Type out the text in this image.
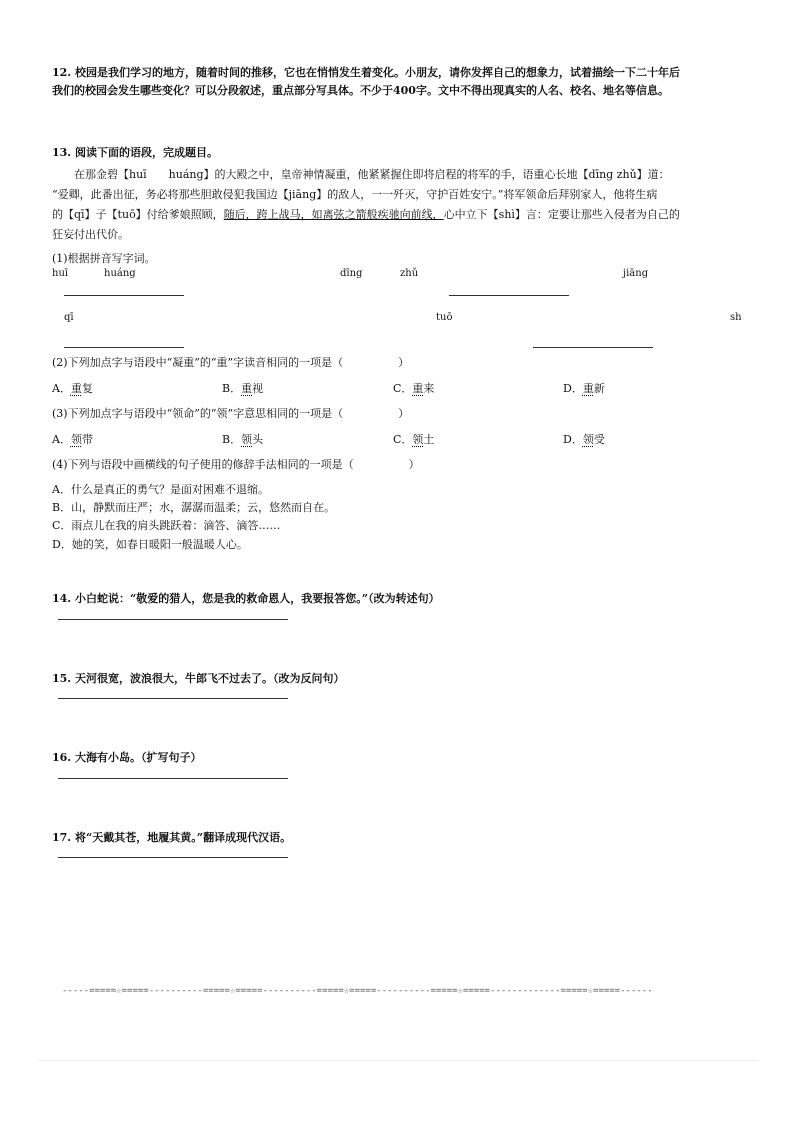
12. 校园是我们学习的地方，随着时间的推移，它也在悄悄发生着变化。小朋友，请你发挥自己的想象力，试着描绘一下二十年后
我们的校园会发生哪些变化？可以分段叙述，重点部分写具体。不少于400字。文中不得出现真实的人名、校名、地名等信息。
13. 阅读下面的语段，完成题目。
在那金碧【huī　　huáng】的大殿之中，皇帝神情凝重，他紧紧握住即将启程的将军的手，语重心长地【dīng zhǔ】道：
“爱卿，此番出征，务必将那些胆敢侵犯我国边【jiāng】的敌人，一一歼灭，守护百姓安宁。”将军领命后拜别家人，他将生病
的【qī】子【tuō】付给爹娘照顾，随后，跨上战马，如离弦之箭般疾驰向前线，心中立下【shì】言：定要让那些入侵者为自己的
狂妄付出代价。
(1)根据拼音写字词。
huī	huáng	dīng	zhǔ	jiāng
qī	tuō	sh
(2)下列加点字与语段中“凝重”的“重”字读音相同的一项是（　　　　　）
A．重复	B．重视	C．重来	D．重新
(3)下列加点字与语段中“领命”的“领”字意思相同的一项是（　　　　　）
A．领带	B．领头	C．领土	D．领受
(4)下列与语段中画横线的句子使用的修辞手法相同的一项是（　　　　　）
A．什么是真正的勇气？是面对困难不退缩。
B．山，静默而庄严；水，潺潺而温柔；云，悠然而自在。
C．雨点儿在我的肩头跳跃着：滴答、滴答……
D．她的笑，如春日暖阳一般温暖人心。
14. 小白蛇说：“敬爱的猎人，您是我的救命恩人，我要报答您。”（改为转述句）
15. 天河很宽，波浪很大，牛郎飞不过去了。（改为反问句）
16. 大海有小岛。（扩写句子）
17. 将“天戴其苍，地履其黄。”翻译成现代汉语。
-----=====☆=====----------=====☆=====----------=====☆=====----------=====☆=====-------------=====☆=====------
